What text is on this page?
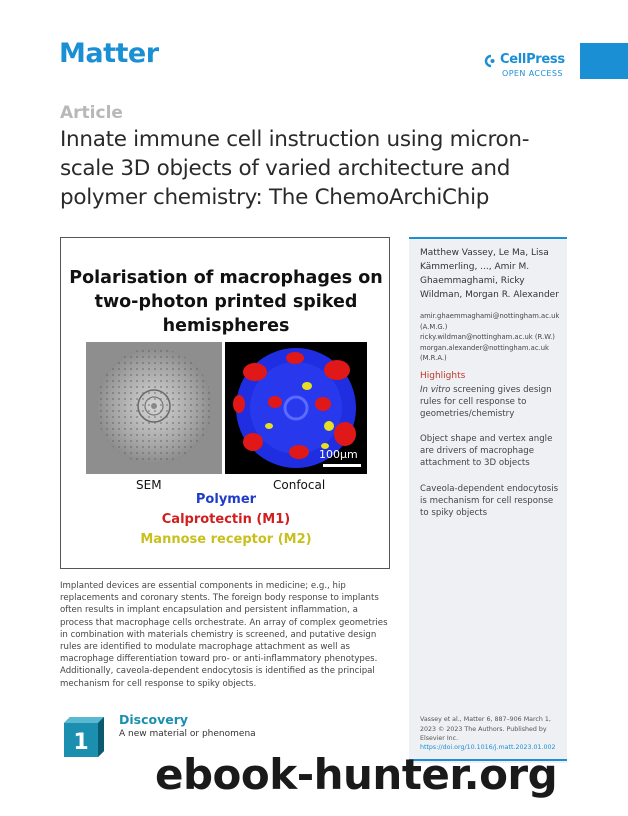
Matter	CellPress
OPEN ACCESS
Article
Innate immune cell instruction using micron-scale 3D objects of varied architecture and polymer chemistry: The ChemoArchiChip
Polarisation of macrophages on two-photon printed spiked hemispheres
100µm
SEM	Confocal
Polymer
Calprotectin (M1)
Mannose receptor (M2)
Matthew Vassey, Le Ma, Lisa Kämmerling, ..., Amir M. Ghaemmaghami, Ricky Wildman, Morgan R. Alexander
amir.ghaemmaghami@nottingham.ac.uk
(A.M.G.)
ricky.wildman@nottingham.ac.uk (R.W.)
morgan.alexander@nottingham.ac.uk
(M.R.A.)
Highlights
In vitro screening gives design rules for cell response to geometries/chemistry
Object shape and vertex angle are drivers of macrophage attachment to 3D objects
Caveola-dependent endocytosis is mechanism for cell response to spiky objects
Vassey et al., Matter 6, 887–906 March 1, 2023 © 2023 The Authors. Published by Elsevier Inc.
https://doi.org/10.1016/j.matt.2023.01.002
Implanted devices are essential components in medicine; e.g., hip replacements and coronary stents. The foreign body response to implants often results in implant encapsulation and persistent inflammation, a process that macrophage cells orchestrate. An array of complex geometries in combination with materials chemistry is screened, and putative design rules are identified to modulate macrophage attachment as well as macrophage differentiation toward pro- or anti-inflammatory phenotypes. Additionally, caveola-dependent endocytosis is identified as the principal mechanism for cell response to spiky objects.
1
Discovery
A new material or phenomena
ebook-hunter.org
